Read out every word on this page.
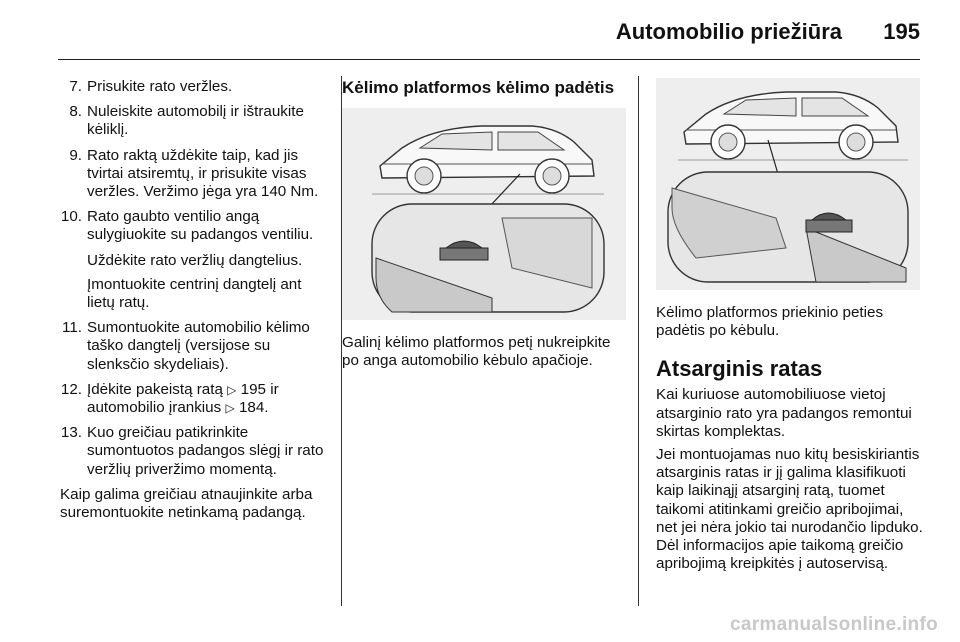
Automobilio priežiūra 195
7. Prisukite rato veržles.
8. Nuleiskite automobilį ir ištraukite kėliklį.
9. Rato raktą uždėkite taip, kad jis tvirtai atsiremtų, ir prisukite visas veržles. Veržimo jėga yra 140 Nm.
10. Rato gaubto ventilio angą sulygiuokite su padangos ventiliu.

Uždėkite rato veržlių dangtelius.

Įmontuokite centrinį dangtelį ant lietų ratų.

11. Sumontuokite automobilio kėlimo taško dangtelį (versijose su slenksčio skydeliais).
12. Įdėkite pakeistą ratą ▷ 195 ir automobilio įrankius ▷ 184.
13. Kuo greičiau patikrinkite sumontuotos padangos slėgį ir rato veržlių priveržimo momentą.

Kaip galima greičiau atnaujinkite arba suremontuokite netinkamą padangą.

Kėlimo platformos kėlimo padėtis

Galinį kėlimo platformos petį nukreipkite po anga automobilio kėbulo apačioje.

Kėlimo platformos priekinio peties padėtis po kėbulu.

Atsarginis ratas

Kai kuriuose automobiliuose vietoj atsarginio rato yra padangos remontui skirtas komplektas.

Jei montuojamas nuo kitų besiskiriantis atsarginis ratas ir jį galima klasifikuoti kaip laikinąjį atsarginį ratą, tuomet taikomi atitinkami greičio apribojimai, net jei nėra jokio tai nurodančio lipduko. Dėl informacijos apie taikomą greičio apribojimą kreipkitės į autoservisą.

carmanualsonline.info
